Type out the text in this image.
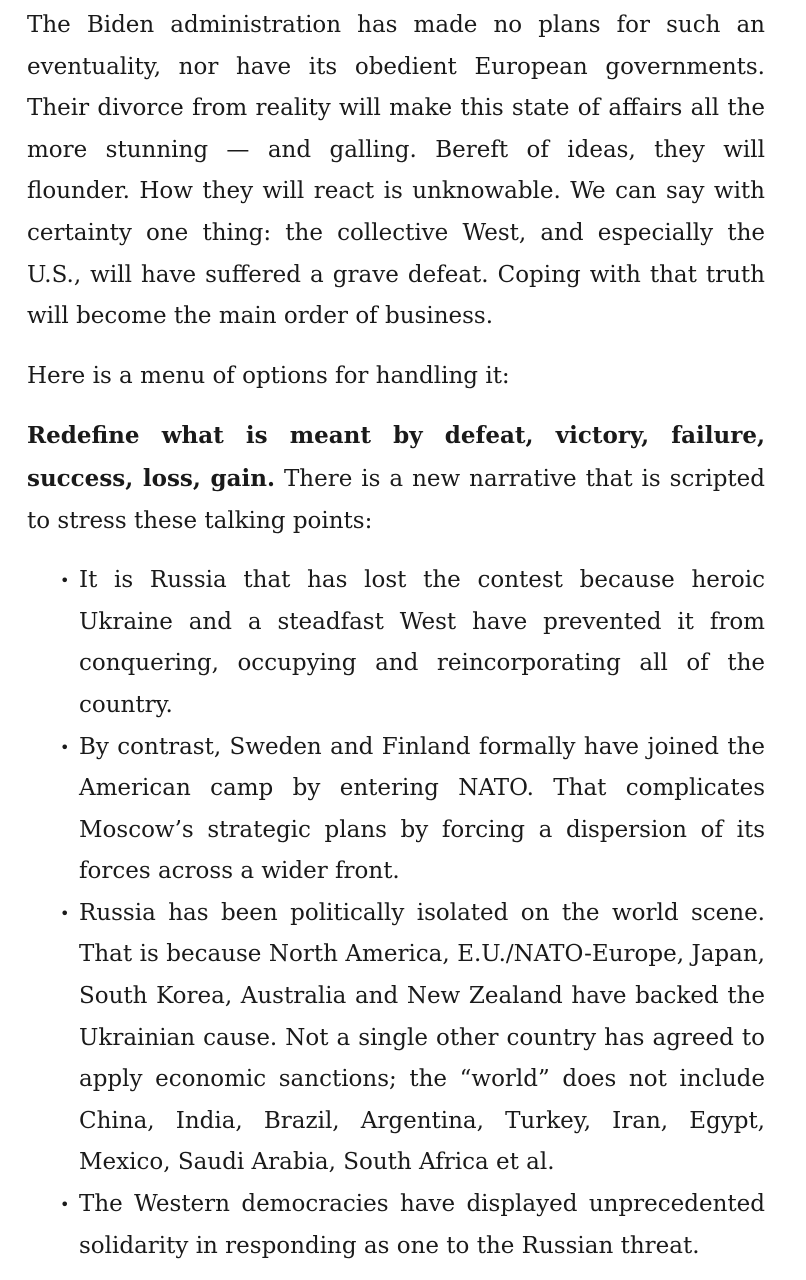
The Biden administration has made no plans for such an eventuality, nor have its obedient European governments. Their divorce from reality will make this state of affairs all the more stunning — and galling. Bereft of ideas, they will flounder. How they will react is unknowable. We can say with certainty one thing: the collective West, and especially the U.S., will have suffered a grave defeat. Coping with that truth will become the main order of business.

Here is a menu of options for handling it:

Redefine what is meant by defeat, victory, failure, success, loss, gain. There is a new narrative that is scripted to stress these talking points:

• It is Russia that has lost the contest because heroic Ukraine and a steadfast West have prevented it from conquering, occupying and reincorporating all of the country.
• By contrast, Sweden and Finland formally have joined the American camp by entering NATO. That complicates Moscow’s strategic plans by forcing a dispersion of its forces across a wider front.
• Russia has been politically isolated on the world scene. That is because North America, E.U./NATO-Europe, Japan, South Korea, Australia and New Zealand have backed the Ukrainian cause. Not a single other country has agreed to apply economic sanctions; the “world” does not include China, India, Brazil, Argentina, Turkey, Iran, Egypt, Mexico, Saudi Arabia, South Africa et al.
• The Western democracies have displayed unprecedented solidarity in responding as one to the Russian threat.
